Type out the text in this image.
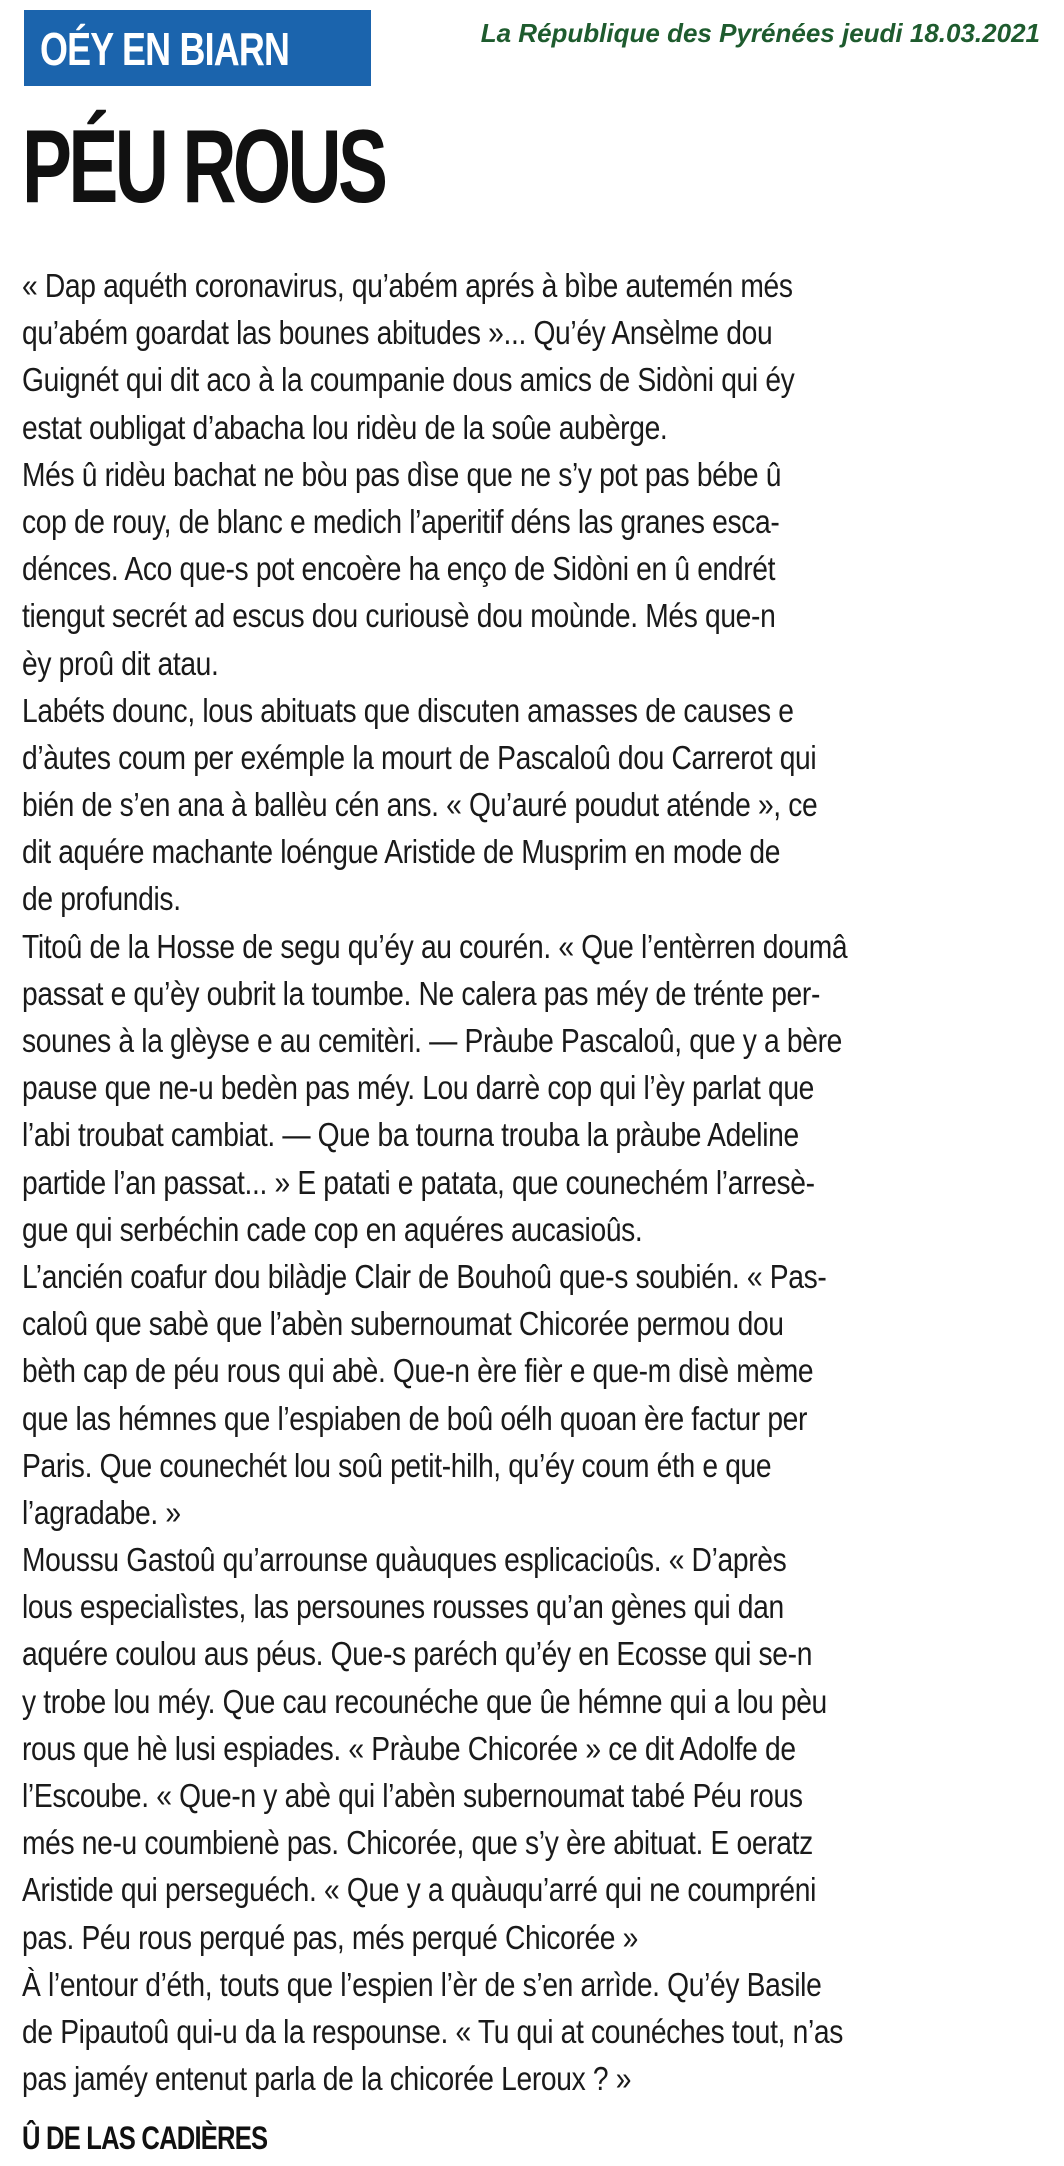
OÉY EN BIARN	La République des Pyrénées jeudi 18.03.2021
PÉU ROUS
« Dap aquéth coronavirus, qu’abém aprés à bìbe autemén més
qu’abém goardat las bounes abitudes »... Qu’éy Ansèlme dou
Guignét qui dit aco à la coumpanie dous amics de Sidòni qui éy
estat oubligat d’abacha lou ridèu de la soûe aubèrge.
Més û ridèu bachat ne bòu pas dìse que ne s’y pot pas bébe û
cop de rouy, de blanc e medich l’aperitif déns las granes esca-
dénces. Aco que-s pot encoère ha enço de Sidòni en û endrét
tiengut secrét ad escus dou curiousè dou moùnde. Més que-n
èy proû dit atau.
Labéts dounc, lous abituats que discuten amasses de causes e
d’àutes coum per exémple la mourt de Pascaloû dou Carrerot qui
bién de s’en ana à ballèu cén ans. « Qu’auré poudut aténde », ce
dit aquére machante loéngue Aristide de Musprim en mode de
de profundis.
Titoû de la Hosse de segu qu’éy au courén. « Que l’entèrren doumâ
passat e qu’èy oubrit la toumbe. Ne calera pas méy de trénte per-
sounes à la glèyse e au cemitèri. — Pràube Pascaloû, que y a bère
pause que ne-u bedèn pas méy. Lou darrè cop qui l’èy parlat que
l’abi troubat cambiat. — Que ba tourna trouba la pràube Adeline
partide l’an passat... » E patati e patata, que counechém l’arresè-
gue qui serbéchin cade cop en aquéres aucasioûs.
L’ancién coafur dou bilàdje Clair de Bouhoû que-s soubién. « Pas-
caloû que sabè que l’abèn subernoumat Chicorée permou dou
bèth cap de péu rous qui abè. Que-n ère fièr e que-m disè mème
que las hémnes que l’espiaben de boû oélh quoan ère factur per
Paris. Que counechét lou soû petit-hilh, qu’éy coum éth e que
l’agradabe. »
Moussu Gastoû qu’arrounse quàuques esplicacioûs. « D’après
lous especialìstes, las persounes rousses qu’an gènes qui dan
aquére coulou aus péus. Que-s paréch qu’éy en Ecosse qui se-n
y trobe lou méy. Que cau recounéche que ûe hémne qui a lou pèu
rous que hè lusi espiades. « Pràube Chicorée » ce dit Adolfe de
l’Escoube. « Que-n y abè qui l’abèn subernoumat tabé Péu rous
més ne-u coumbienè pas. Chicorée, que s’y ère abituat. E oeratz
Aristide qui perseguéch. « Que y a quàuqu’arré qui ne coumpréni
pas. Péu rous perqué pas, més perqué Chicorée »
À l’entour d’éth, touts que l’espien l’èr de s’en arrìde. Qu’éy Basile
de Pipautoû qui-u da la respounse. « Tu qui at counéches tout, n’as
pas jaméy entenut parla de la chicorée Leroux ? »
Û DE LAS CADIÈRES
